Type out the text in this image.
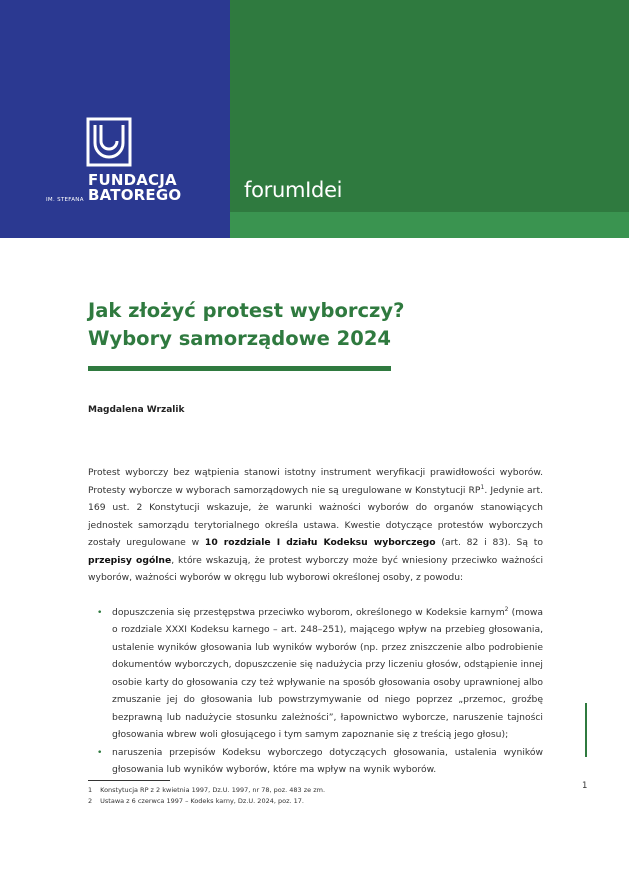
FUNDACJA
IM. STEFANA BATOREGO	forumIdei
Jak złożyć protest wyborczy?
Wybory samorządowe 2024
Magdalena Wrzalik

Protest wyborczy bez wątpienia stanowi istotny instrument weryfikacji prawidłowości wyborów. Protesty wyborcze w wyborach samorządowych nie są uregulowane w Konstytucji $RP^1$. Jedynie art. 169 ust. 2 Konstytucji wskazuje, że warunki ważności wyborów do organów stanowiących jednostek samorządu terytorialnego określa ustawa. Kwestie dotyczące protestów wyborczych zostały uregulowane w 10 rozdziale I działu Kodeksu wyborczego (art. 82 i 83). Są to przepisy ogólne, które wskazują, że protest wyborczy może być wniesiony przeciwko ważności wyborów, ważności wyborów w okręgu lub wyborowi określonej osoby, z powodu:

• dopuszczenia się przestępstwa przeciwko wyborom, określonego w Kodeksie karnym$^2$ (mowa o rozdziale XXXI Kodeksu karnego – art. 248–251), mającego wpływ na przebieg głosowania, ustalenie wyników głosowania lub wyników wyborów (np. przez zniszczenie albo podrobienie dokumentów wyborczych, dopuszczenie się nadużycia przy liczeniu głosów, odstąpienie innej osobie karty do głosowania czy też wpływanie na sposób głosowania osoby uprawnionej albo zmuszanie jej do głosowania lub powstrzymywanie od niego poprzez „przemoc, groźbę bezprawną lub nadużycie stosunku zależności”, łapownictwo wyborcze, naruszenie tajności głosowania wbrew woli głosującego i tym samym zapoznanie się z treścią jego głosu);
• naruszenia przepisów Kodeksu wyborczego dotyczących głosowania, ustalenia wyników głosowania lub wyników wyborów, które ma wpływ na wynik wyborów.
1 Konstytucja RP z 2 kwietnia 1997, Dz.U. 1997, nr 78, poz. 483 ze zm.
2 Ustawa z 6 czerwca 1997 – Kodeks karny, Dz.U. 2024, poz. 17.
1
